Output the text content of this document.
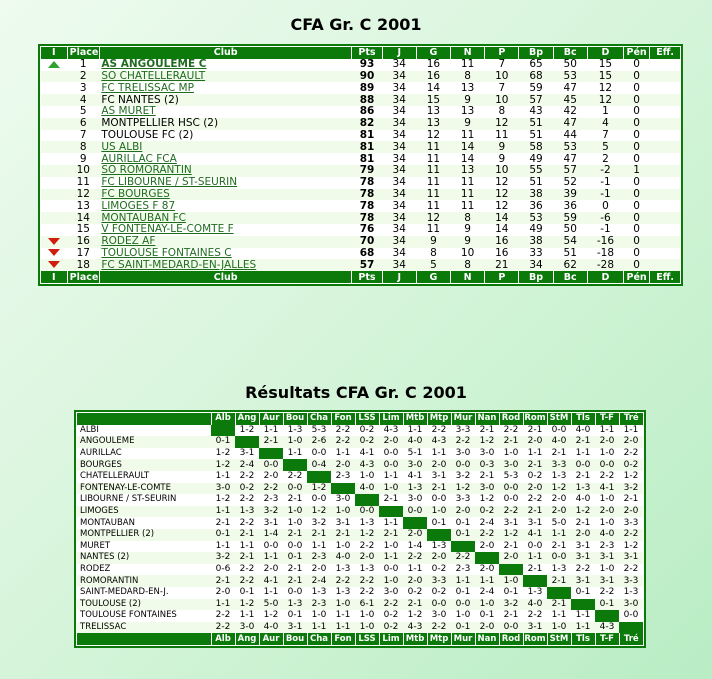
CFA Gr. C 2001
I	Place	Club	Pts	J	G	N	P	Bp	Bc	D	Pén	Eff.
	1	AS ANGOULEME C	93	34	16	11	7	65	50	15	0	
	2	SO CHATELLERAULT	90	34	16	8	10	68	53	15	0	
	3	FC TRELISSAC MP	89	34	14	13	7	59	47	12	0	
	4	FC NANTES (2)	88	34	15	9	10	57	45	12	0	
	5	AS MURET	86	34	13	13	8	43	42	1	0	
	6	MONTPELLIER HSC (2)	82	34	13	9	12	51	47	4	0	
	7	TOULOUSE FC (2)	81	34	12	11	11	51	44	7	0	
	8	US ALBI	81	34	11	14	9	58	53	5	0	
	9	AURILLAC FCA	81	34	11	14	9	49	47	2	0	
	10	SO ROMORANTIN	79	34	11	13	10	55	57	-2	1	
	11	FC LIBOURNE / ST-SEURIN	78	34	11	11	12	51	52	-1	0	
	12	FC BOURGES	78	34	11	11	12	38	39	-1	0	
	13	LIMOGES F 87	78	34	11	11	12	36	36	0	0	
	14	MONTAUBAN FC	78	34	12	8	14	53	59	-6	0	
	15	V FONTENAY-LE-COMTE F	76	34	11	9	14	49	50	-1	0	
	16	RODEZ AF	70	34	9	9	16	38	54	-16	0	
	17	TOULOUSE FONTAINES C	68	34	8	10	16	33	51	-18	0	
	18	FC SAINT-MEDARD-EN-JALLES	57	34	5	8	21	34	62	-28	0	
I	Place	Club	Pts	J	G	N	P	Bp	Bc	D	Pén	Eff.
Résultats CFA Gr. C 2001
	Alb	Ang	Aur	Bou	Cha	Fon	LSS	Lim	Mtb	Mtp	Mur	Nan	Rod	Rom	StM	Tls	T-F	Tré
ALBI		1-2	1-1	1-3	5-3	2-2	0-2	4-3	1-1	2-2	3-3	2-1	2-2	2-1	0-0	4-0	1-1	1-1
ANGOULEME	0-1		2-1	1-0	2-6	2-2	0-2	2-0	4-0	4-3	2-2	1-2	2-1	2-0	4-0	2-1	2-0	2-0
AURILLAC	1-2	3-1		1-1	0-0	1-1	4-1	0-0	5-1	1-1	3-0	3-0	1-0	1-1	2-1	1-1	1-0	2-2
BOURGES	1-2	2-4	0-0		0-4	2-0	4-3	0-0	3-0	2-0	0-0	0-3	3-0	2-1	3-3	0-0	0-0	0-2
CHATELLERAULT	1-1	2-2	2-0	2-2		2-3	1-0	1-1	4-1	3-1	3-2	2-1	5-3	0-2	1-3	2-1	2-2	1-2
FONTENAY-LE-COMTE	3-0	0-2	2-2	0-0	1-2		4-0	1-0	1-3	2-1	1-2	3-0	0-0	2-0	1-2	1-3	4-1	3-2
LIBOURNE / ST-SEURIN	1-2	2-2	2-3	2-1	0-0	3-0		2-1	3-0	0-0	3-3	1-2	0-0	2-2	2-0	4-0	1-0	2-1
LIMOGES	1-1	1-3	3-2	1-0	1-2	1-0	0-0		0-0	1-0	2-0	0-2	2-2	2-1	2-0	1-2	2-0	2-0
MONTAUBAN	2-1	2-2	3-1	1-0	3-2	3-1	1-3	1-1		0-1	0-1	2-4	3-1	3-1	5-0	2-1	1-0	3-3
MONTPELLIER (2)	0-1	2-1	1-4	2-1	2-1	2-1	1-2	2-1	2-0		0-1	2-2	1-2	4-1	1-1	2-0	4-0	2-2
MURET	1-1	1-1	0-0	0-0	1-1	1-0	2-2	1-0	1-4	1-3		2-0	2-1	0-0	2-1	3-1	2-3	1-2
NANTES (2)	3-2	2-1	1-1	0-1	2-3	4-0	2-0	1-1	2-2	2-0	2-2		2-0	1-1	0-0	3-1	3-1	3-1
RODEZ	0-6	2-2	2-0	2-1	2-0	1-3	1-3	0-0	1-1	0-2	2-3	2-0		2-1	1-3	2-2	1-0	2-2
ROMORANTIN	2-1	2-2	4-1	2-1	2-4	2-2	2-2	1-0	2-0	3-3	1-1	1-1	1-0		2-1	3-1	3-1	3-3
SAINT-MEDARD-EN-J.	2-0	0-1	1-1	0-0	1-3	1-3	2-2	3-0	0-2	0-2	0-1	2-4	0-1	1-3		0-1	2-2	1-3
TOULOUSE (2)	1-1	1-2	5-0	1-3	2-3	1-0	6-1	2-2	2-1	0-0	0-0	1-0	3-2	4-0	2-1		0-1	3-0
TOULOUSE FONTAINES	2-2	1-1	1-2	0-1	1-0	1-1	1-0	0-2	1-2	3-0	1-0	0-1	2-1	2-2	1-1	1-1		0-0
TRELISSAC	2-2	3-0	4-0	3-1	1-1	1-1	1-0	0-2	4-3	2-2	0-1	2-0	0-0	3-1	1-0	1-1	4-3	
	Alb	Ang	Aur	Bou	Cha	Fon	LSS	Lim	Mtb	Mtp	Mur	Nan	Rod	Rom	StM	Tls	T-F	Tré
